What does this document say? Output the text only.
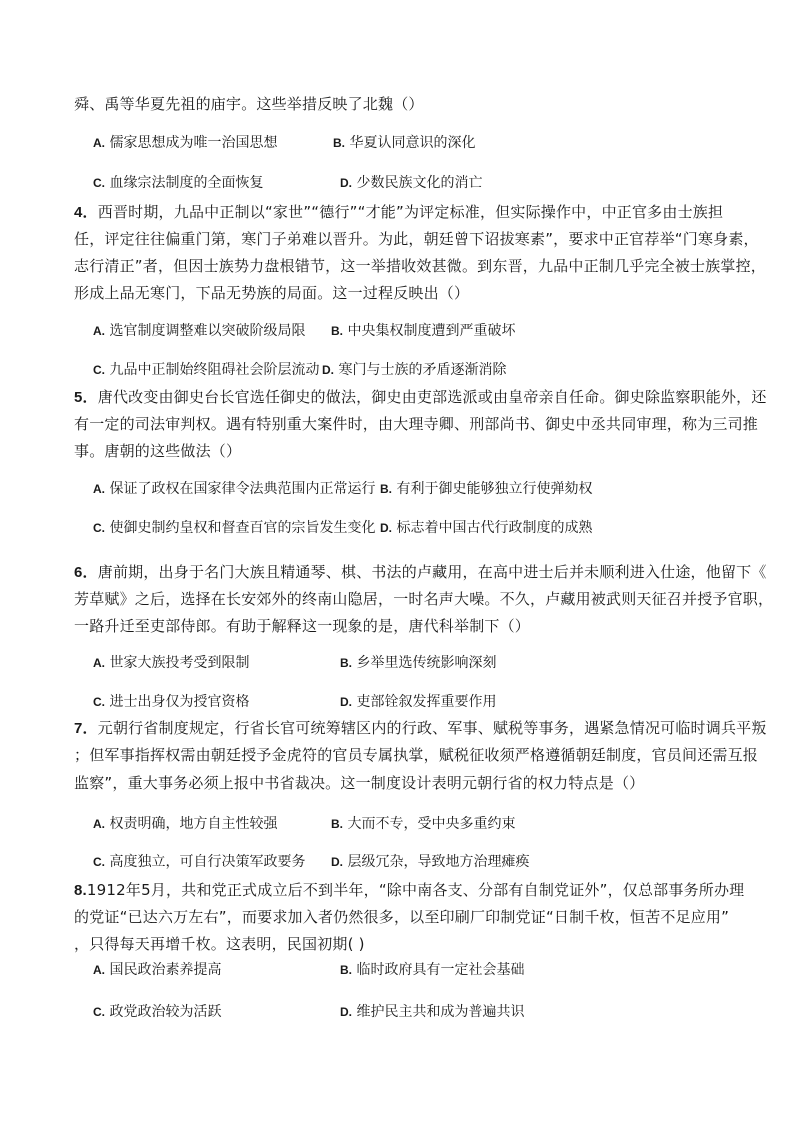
舜、禹等华夏先祖的庙宇。这些举措反映了北魏（）
A. 儒家思想成为唯一治国思想	B. 华夏认同意识的深化
C. 血缘宗法制度的全面恢复	D. 少数民族文化的消亡
4．西晋时期，九品中正制以“家世”“德行”“才能”为评定标准，但实际操作中，中正官多由士族担
任，评定往往偏重门第，寒门子弟难以晋升。为此，朝廷曾下诏拔寒素”，要求中正官荐举“门寒身素，
志行清正”者，但因士族势力盘根错节，这一举措收效甚微。到东晋，九品中正制几乎完全被士族掌控，
形成上品无寒门，下品无势族的局面。这一过程反映出（）
A. 选官制度调整难以突破阶级局限 B. 中央集权制度遭到严重破坏
C. 九品中正制始终阻碍社会阶层流动 D. 寒门与士族的矛盾逐渐消除
5．唐代改变由御史台长官选任御史的做法，御史由吏部选派或由皇帝亲自任命。御史除监察职能外，还
有一定的司法审判权。遇有特别重大案件时，由大理寺卿、刑部尚书、御史中丞共同审理，称为三司推
事。唐朝的这些做法（）
A. 保证了政权在国家律令法典范围内正常运行 B. 有利于御史能够独立行使弹劾权
C. 使御史制约皇权和督查百官的宗旨发生变化 D. 标志着中国古代行政制度的成熟
6．唐前期，出身于名门大族且精通琴、棋、书法的卢藏用，在高中进士后并未顺利进入仕途，他留下《
芳草赋》之后，选择在长安郊外的终南山隐居，一时名声大噪。不久，卢藏用被武则天征召并授予官职，
一路升迁至吏部侍郎。有助于解释这一现象的是，唐代科举制下（）
A. 世家大族投考受到限制	B. 乡举里选传统影响深刻
C. 进士出身仅为授官资格	D. 吏部铨叙发挥重要作用
7．元朝行省制度规定，行省长官可统筹辖区内的行政、军事、赋税等事务，遇紧急情况可临时调兵平叛
；但军事指挥权需由朝廷授予金虎符的官员专属执掌，赋税征收须严格遵循朝廷制度，官员间还需互报
监察”，重大事务必须上报中书省裁决。这一制度设计表明元朝行省的权力特点是（）
A. 权责明确，地方自主性较强	B. 大而不专，受中央多重约束
C. 高度独立，可自行决策军政要务 D. 层级冗杂，导致地方治理瘫痪
8.1912年5月，共和党正式成立后不到半年，“除中南各支、分部有自制党证外”，仅总部事务所办理
的党证“已达六万左右”，而要求加入者仍然很多，以至印刷厂印制党证“日制千枚，恒苦不足应用”
，只得每天再增千枚。这表明，民国初期( )
A. 国民政治素养提高	B. 临时政府具有一定社会基础
C. 政党政治较为活跃	D. 维护民主共和成为普遍共识
